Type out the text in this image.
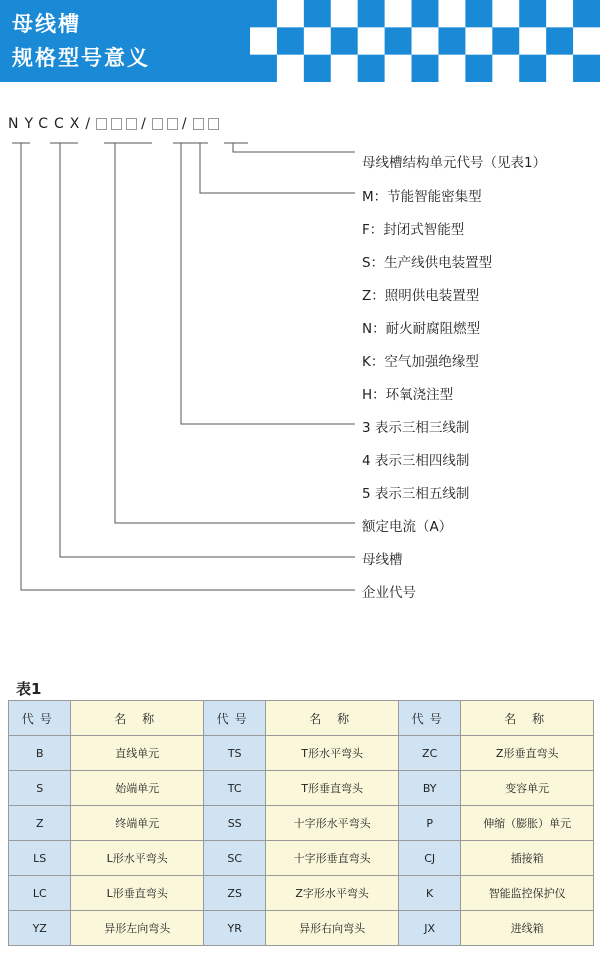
母线槽
规格型号意义
NYCCX/	/ /
母线槽结构单元代号（见表1）
M：节能智能密集型
F：封闭式智能型
S：生产线供电装置型
Z：照明供电装置型
N：耐火耐腐阻燃型
K：空气加强绝缘型
H：环氧浇注型
3 表示三相三线制
4 表示三相四线制
5 表示三相五线制
额定电流（A）
母线槽
企业代号
表1
代号	名 称	代号	名 称	代号	名 称
B	直线单元	TS	T形水平弯头	ZC	Z形垂直弯头
S	始端单元	TC	T形垂直弯头	BY	变容单元
Z	终端单元	SS	十字形水平弯头	P	伸缩（膨胀）单元
LS	L形水平弯头	SC	十字形垂直弯头	CJ	插接箱
LC	L形垂直弯头	ZS	Z字形水平弯头	K	智能监控保护仪
YZ	异形左向弯头	YR	异形右向弯头	JX	进线箱
